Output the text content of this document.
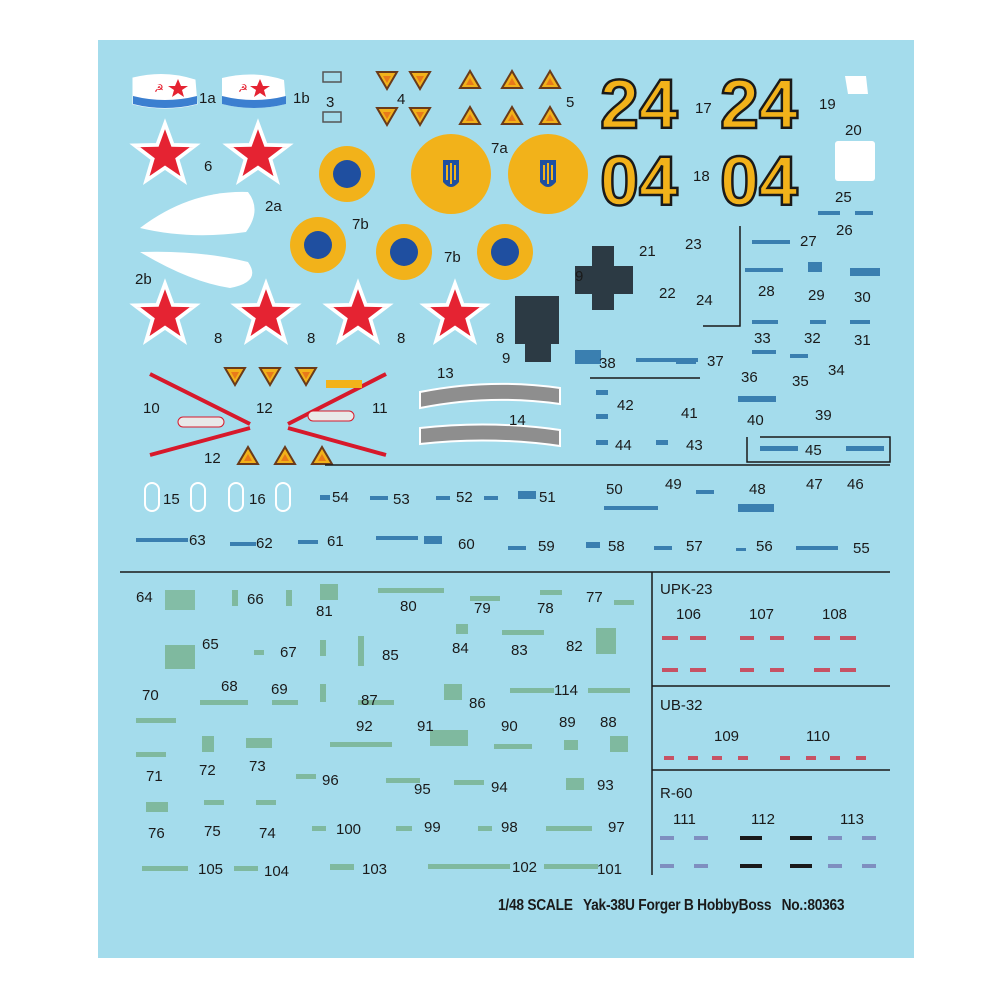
☭	☭	24 24
04 04
UPK-23
UB-32
R-60
1a	1b 3	4	5
6
2a
7a
7b
7b
2b
8	8	8	8
17
18
19
20
25
26
27
9
9
21
22
23
24
28 29 30
31
32
33
34
35
36
37
38
39
40
41
42
43
44	45
10	11
12
12
13
14
15	16
46
47
48
49
50
51
52
53
54
55
56
57
58
59
60
61
62
63
64
65
66
67
68 69
70
71 72 73
74
75
76
77
78
79
80
81
82
83
84
85
86
87
88
89
90
91
92
93
94
95
96
97
98
99
100
101
102
103
104
105
106	107	108
109	110
111	112	113
114
1/48 SCALE Yak-38U Forger B HobbyBoss No.:80363
